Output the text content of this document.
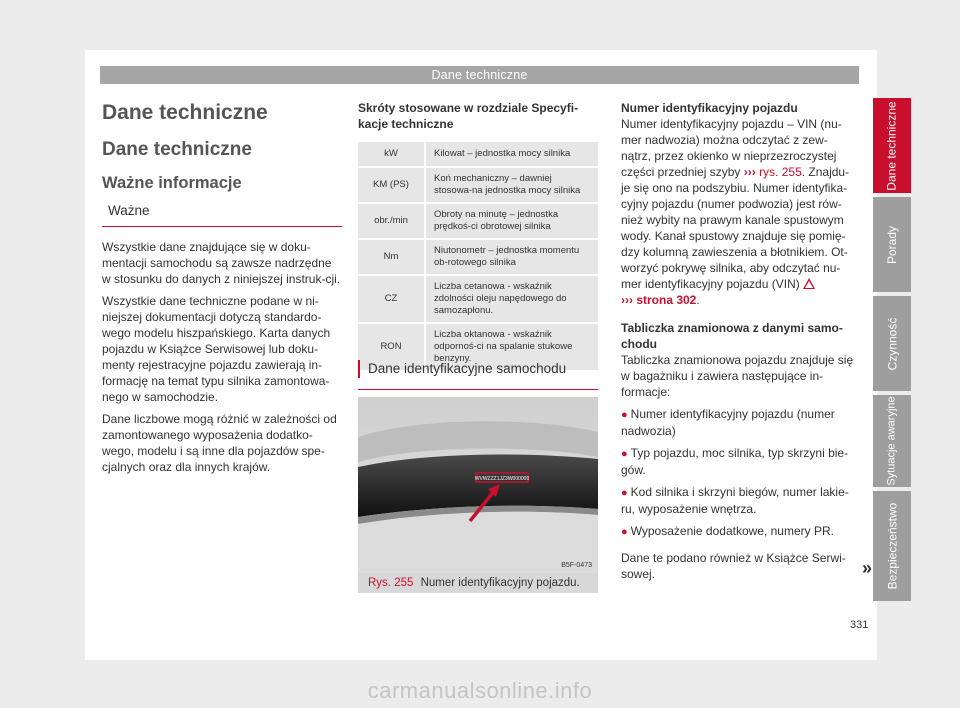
Dane techniczne
Dane techniczne
Porady
Czynność
Sytuacje awaryjne
Bezpieczeństwo
Dane techniczne
Dane techniczne
Ważne informacje
Ważne

Wszystkie dane znajdujące się w doku-mentacji samochodu są zawsze nadrzędne w stosunku do danych z niniejszej instruk-cji.

Wszystkie dane techniczne podane w ni-niejszej dokumentacji dotyczą standardo-wego modelu hiszpańskiego. Karta danych pojazdu w Książce Serwisowej lub doku-menty rejestracyjne pojazdu zawierają in-formację na temat typu silnika zamontowa-nego w samochodzie.

Dane liczbowe mogą różnić w zależności od zamontowanego wyposażenia dodatko-wego, modelu i są inne dla pojazdów spe-cjalnych oraz dla innych krajów.

Skróty stosowane w rozdziale Specyfi-kacje techniczne
kW	Kilowat – jednostka mocy silnika
KM (PS)	Koń mechaniczny – dawniej stosowa-na jednostka mocy silnika
obr./min	Obroty na minutę – jednostka prędkoś-ci obrotowej silnika
Nm	Niutonometr – jednostka momentu ob-rotowego silnika
CZ	Liczba cetanowa - wskaźnik zdolności oleju napędowego do samozapłonu.
RON	Liczba oktanowa - wskaźnik odpornoś-ci na spalanie stukowe benzyny.
Dane identyfikacyjne samochodu
WVWZZZ1JZ3W000000
B5F-0473
Rys. 255 Numer identyfikacyjny pojazdu.
Numer identyfikacyjny pojazdu

Numer identyfikacyjny pojazdu – VIN (nu-mer nadwozia) można odczytać z zew-nątrz, przez okienko w nieprzezroczystej części przedniej szyby ››› rys. 255. Znajdu-je się ono na podszybiu. Numer identyfika-cyjny pojazdu (numer podwozia) jest rów-nież wybity na prawym kanale spustowym wody. Kanał spustowy znajduje się pomię-dzy kolumną zawieszenia a błotnikiem. Ot-worzyć pokrywę silnika, aby odczytać nu-mer identyfikacyjny pojazdu (VIN)
››› strona 302.

Tabliczka znamionowa z danymi samo-chodu

Tabliczka znamionowa pojazdu znajduje się w bagażniku i zawiera następujące in-formacje:

● Numer identyfikacyjny pojazdu (numer nadwozia)

● Typ pojazdu, moc silnika, typ skrzyni bie-gów.

● Kod silnika i skrzyni biegów, numer lakie-ru, wyposażenie wnętrza.

● Wyposażenie dodatkowe, numery PR.

Dane te podano również w Książce Serwi-sowej.	»
331
carmanualsonline.info
